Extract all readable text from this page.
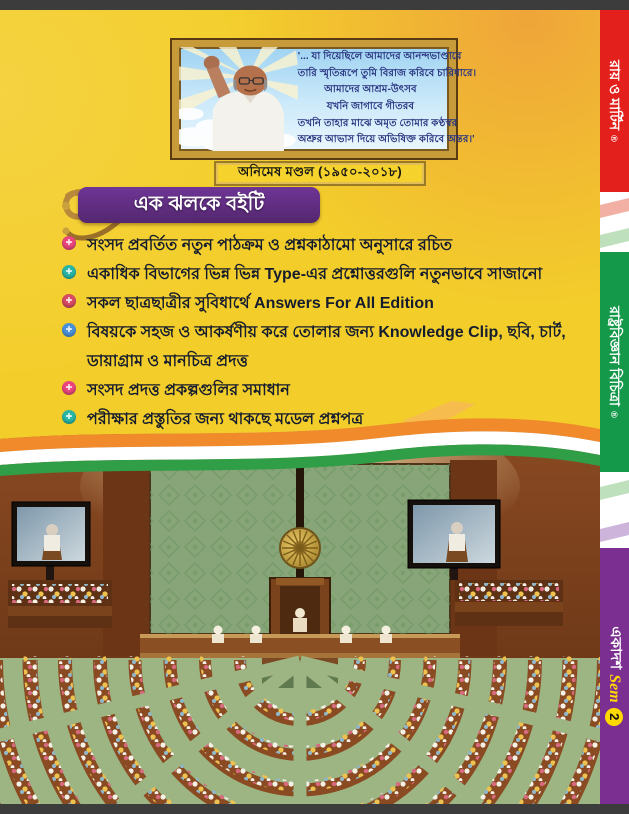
'... যা দিয়েছিলে আমাদের আনন্দভাণ্ডারে
তারি স্মৃতিরূপে তুমি বিরাজ করিবে চারিধারে।
আমাদের আশ্রম-উৎসব
যখনি জাগাবে গীতরব
তখনি তাহার মাঝে অমৃত তোমার কণ্ঠস্বর
অশ্রুর আভাস দিয়ে অভিষিক্ত করিবে অন্তর।'
অনিমেষ মণ্ডল (১৯৫০-২০১৮)
এক ঝলকে বইটি
✚
সংসদ প্রবর্তিত নতুন পাঠক্রম ও প্রশ্নকাঠামো অনুসারে রচিত
✚
একাধিক বিভাগের ভিন্ন ভিন্ন Type-এর প্রশ্নোত্তরগুলি নতুনভাবে সাজানো
✚
সকল ছাত্রছাত্রীর সুবিধার্থে Answers For All Edition
✚
বিষয়কে সহজ ও আকর্ষণীয় করে তোলার জন্য Knowledge Clip, ছবি, চার্ট, ডায়াগ্রাম ও মানচিত্র প্রদত্ত
✚
সংসদ প্রদত্ত প্রকল্পগুলির সমাধান
✚
পরীক্ষার প্রস্তুতির জন্য থাকছে মডেল প্রশ্নপত্র
রায় ও মার্টিন
®
রাষ্ট্রবিজ্ঞান বিচিত্রা
®
একাদশ
Sem
2
